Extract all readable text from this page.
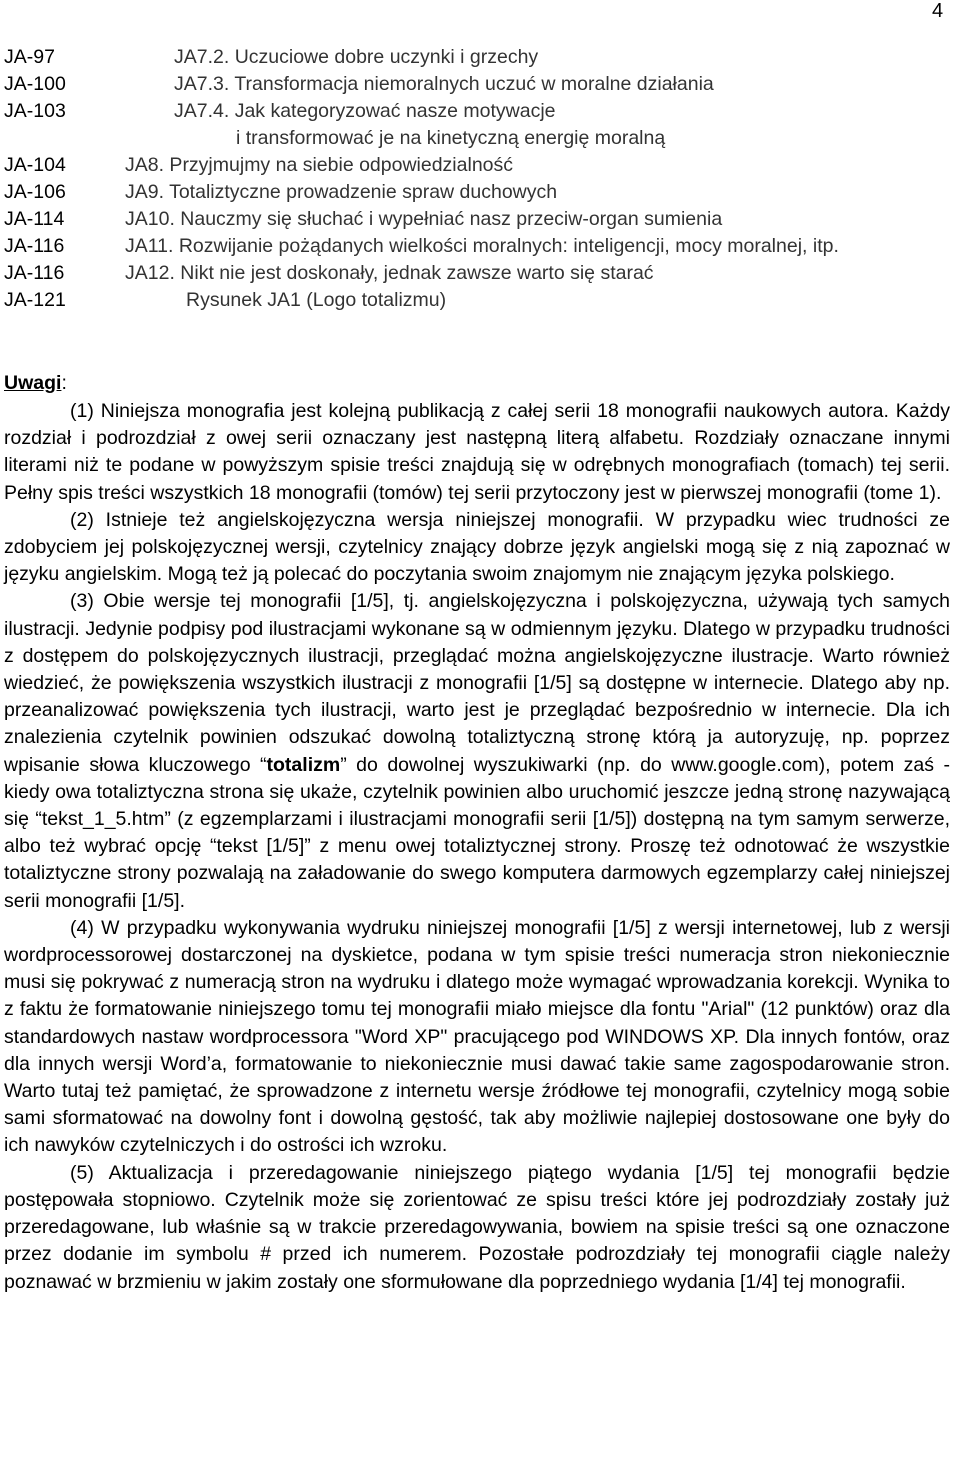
4
JA-97	JA7.2. Uczuciowe dobre uczynki i grzechy
JA-100	JA7.3. Transformacja niemoralnych uczuć w moralne działania
JA-103	JA7.4. Jak kategoryzować nasze motywacje
i transformować je na kinetyczną energię moralną
JA-104	JA8. Przyjmujmy na siebie odpowiedzialność
JA-106	JA9. Totaliztyczne prowadzenie spraw duchowych
JA-114	JA10. Nauczmy się słuchać i wypełniać nasz przeciw-organ sumienia
JA-116	JA11. Rozwijanie pożądanych wielkości moralnych: inteligencji, mocy moralnej, itp.
JA-116	JA12. Nikt nie jest doskonały, jednak zawsze warto się starać
JA-121	Rysunek JA1 (Logo totalizmu)
Uwagi:

(1) Niniejsza monografia jest kolejną publikacją z całej serii 18 monografii naukowych autora. Każdy rozdział i podrozdział z owej serii oznaczany jest następną literą alfabetu. Rozdziały oznaczane innymi literami niż te podane w powyższym spisie treści znajdują się w odrębnych monografiach (tomach) tej serii. Pełny spis treści wszystkich 18 monografii (tomów) tej serii przytoczony jest w pierwszej monografii (tome 1).

(2) Istnieje też angielskojęzyczna wersja niniejszej monografii. W przypadku wiec trudności ze zdobyciem jej polskojęzycznej wersji, czytelnicy znający dobrze język angielski mogą się z nią zapoznać w języku angielskim. Mogą też ją polecać do poczytania swoim znajomym nie znającym języka polskiego.

(3) Obie wersje tej monografii [1/5], tj. angielskojęzyczna i polskojęzyczna, używają tych samych ilustracji. Jedynie podpisy pod ilustracjami wykonane są w odmiennym języku. Dlatego w przypadku trudności z dostępem do polskojęzycznych ilustracji, przeglądać można angielskojęzyczne ilustracje. Warto również wiedzieć, że powiększenia wszystkich ilustracji z monografii [1/5] są dostępne w internecie. Dlatego aby np. przeanalizować powiększenia tych ilustracji, warto jest je przeglądać bezpośrednio w internecie. Dla ich znalezienia czytelnik powinien odszukać dowolną totaliztyczną stronę którą ja autoryzuję, np. poprzez wpisanie słowa kluczowego “totalizm” do dowolnej wyszukiwarki (np. do www.google.com), potem zaś - kiedy owa totaliztyczna strona się ukaże, czytelnik powinien albo uruchomić jeszcze jedną stronę nazywającą się “tekst_1_5.htm” (z egzemplarzami i ilustracjami monografii serii [1/5]) dostępną na tym samym serwerze, albo też wybrać opcję “tekst [1/5]” z menu owej totaliztycznej strony. Proszę też odnotować że wszystkie totaliztyczne strony pozwalają na załadowanie do swego komputera darmowych egzemplarzy całej niniejszej serii monografii [1/5].

(4) W przypadku wykonywania wydruku niniejszej monografii [1/5] z wersji internetowej, lub z wersji wordprocessorowej dostarczonej na dyskietce, podana w tym spisie treści numeracja stron niekoniecznie musi się pokrywać z numeracją stron na wydruku i dlatego może wymagać wprowadzania korekcji. Wynika to z faktu że formatowanie niniejszego tomu tej monografii miało miejsce dla fontu "Arial" (12 punktów) oraz dla standardowych nastaw wordprocessora "Word XP" pracującego pod WINDOWS XP. Dla innych fontów, oraz dla innych wersji Word’a, formatowanie to niekoniecznie musi dawać takie same zagospodarowanie stron. Warto tutaj też pamiętać, że sprowadzone z internetu wersje źródłowe tej monografii, czytelnicy mogą sobie sami sformatować na dowolny font i dowolną gęstość, tak aby możliwie najlepiej dostosowane one były do ich nawyków czytelniczych i do ostrości ich wzroku.

(5) Aktualizacja i przeredagowanie niniejszego piątego wydania [1/5] tej monografii będzie postępowała stopniowo. Czytelnik może się zorientować ze spisu treści które jej podrozdziały zostały już przeredagowane, lub właśnie są w trakcie przeredagowywania, bowiem na spisie treści są one oznaczone przez dodanie im symbolu # przed ich numerem. Pozostałe podrozdziały tej monografii ciągle należy poznawać w brzmieniu w jakim zostały one sformułowane dla poprzedniego wydania [1/4] tej monografii.
